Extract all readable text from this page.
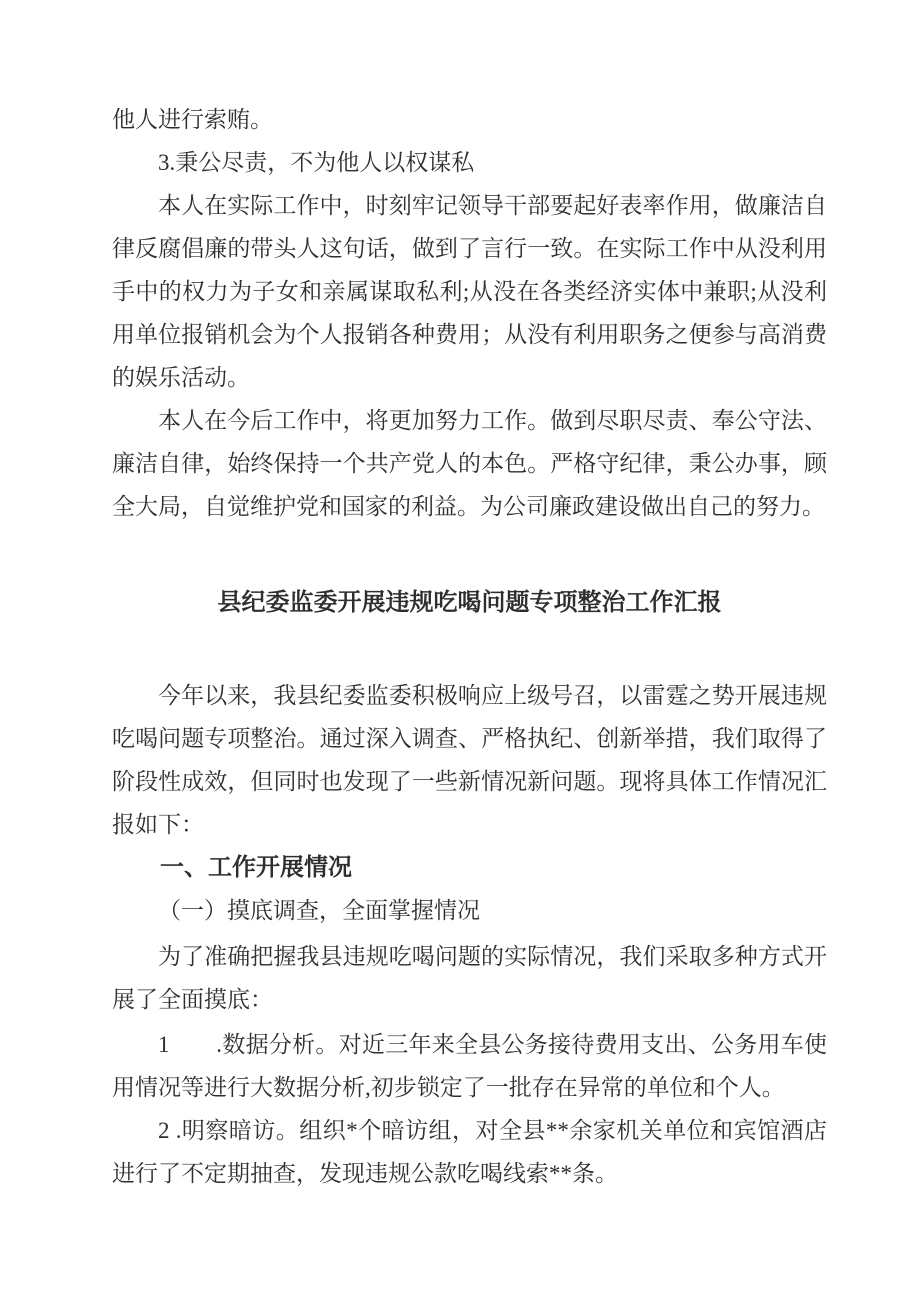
他人进行索贿。

3.秉公尽责，不为他人以权谋私

本人在实际工作中，时刻牢记领导干部要起好表率作用，做廉洁自律反腐倡廉的带头人这句话，做到了言行一致。在实际工作中从没利用手中的权力为子女和亲属谋取私利;从没在各类经济实体中兼职;从没利用单位报销机会为个人报销各种费用；从没有利用职务之便参与高消费的娱乐活动。

本人在今后工作中，将更加努力工作。做到尽职尽责、奉公守法、廉洁自律，始终保持一个共产党人的本色。严格守纪律，秉公办事，顾全大局，自觉维护党和国家的利益。为公司廉政建设做出自己的努力。

县纪委监委开展违规吃喝问题专项整治工作汇报

今年以来，我县纪委监委积极响应上级号召，以雷霆之势开展违规吃喝问题专项整治。通过深入调查、严格执纪、创新举措，我们取得了阶段性成效，但同时也发现了一些新情况新问题。现将具体工作情况汇报如下：

一、工作开展情况

（一）摸底调查，全面掌握情况

为了准确把握我县违规吃喝问题的实际情况，我们采取多种方式开展了全面摸底：

1　　.数据分析。对近三年来全县公务接待费用支出、公务用车使用情况等进行大数据分析,初步锁定了一批存在异常的单位和个人。

2 .明察暗访。组织*个暗访组，对全县**余家机关单位和宾馆酒店进行了不定期抽查，发现违规公款吃喝线索**条。
